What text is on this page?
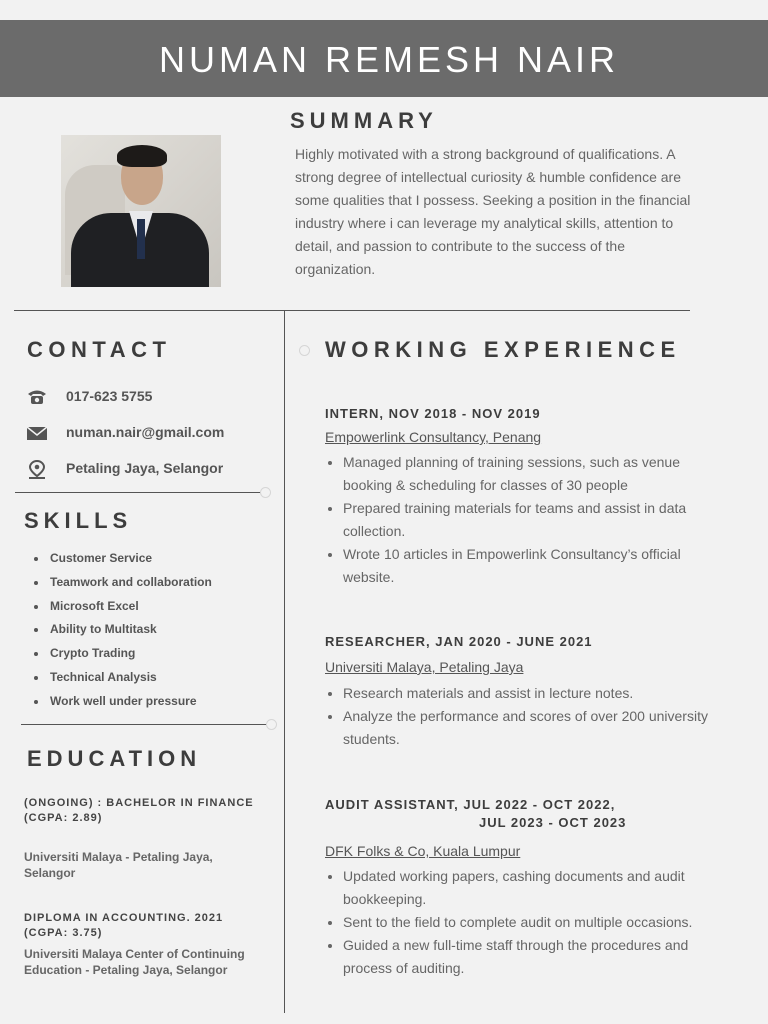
NUMAN REMESH NAIR
SUMMARY

Highly motivated with a strong background of qualifications. A strong degree of intellectual curiosity & humble confidence are some qualities that I possess. Seeking a position in the financial industry where i can leverage my analytical skills, attention to detail, and passion to contribute to the success of the organization.

CONTACT
017-623 5755
numan.nair@gmail.com
Petaling Jaya, Selangor
SKILLS
Customer Service
Teamwork and collaboration
Microsoft Excel
Ability to Multitask
Crypto Trading
Technical Analysis
Work well under pressure
EDUCATION
(ONGOING) : BACHELOR IN FINANCE (CGPA: 2.89)
Universiti Malaya - Petaling Jaya, Selangor
DIPLOMA IN ACCOUNTING. 2021 (CGPA: 3.75)
Universiti Malaya Center of Continuing Education - Petaling Jaya, Selangor
WORKING EXPERIENCE
INTERN, NOV 2018 - NOV 2019
Empowerlink Consultancy, Penang
Managed planning of training sessions, such as venue booking & scheduling for classes of 30 people
Prepared training materials for teams and assist in data collection.
Wrote 10 articles in Empowerlink Consultancy’s official website.
RESEARCHER, JAN 2020 - JUNE 2021
Universiti Malaya, Petaling Jaya
Research materials and assist in lecture notes.
Analyze the performance and scores of over 200 university students.
AUDIT ASSISTANT, JUL 2022 - OCT 2022,
JUL 2023 - OCT 2023
DFK Folks & Co, Kuala Lumpur
Updated working papers, cashing documents and audit bookkeeping.
Sent to the field to complete audit on multiple occasions.
Guided a new full-time staff through the procedures and process of auditing.
